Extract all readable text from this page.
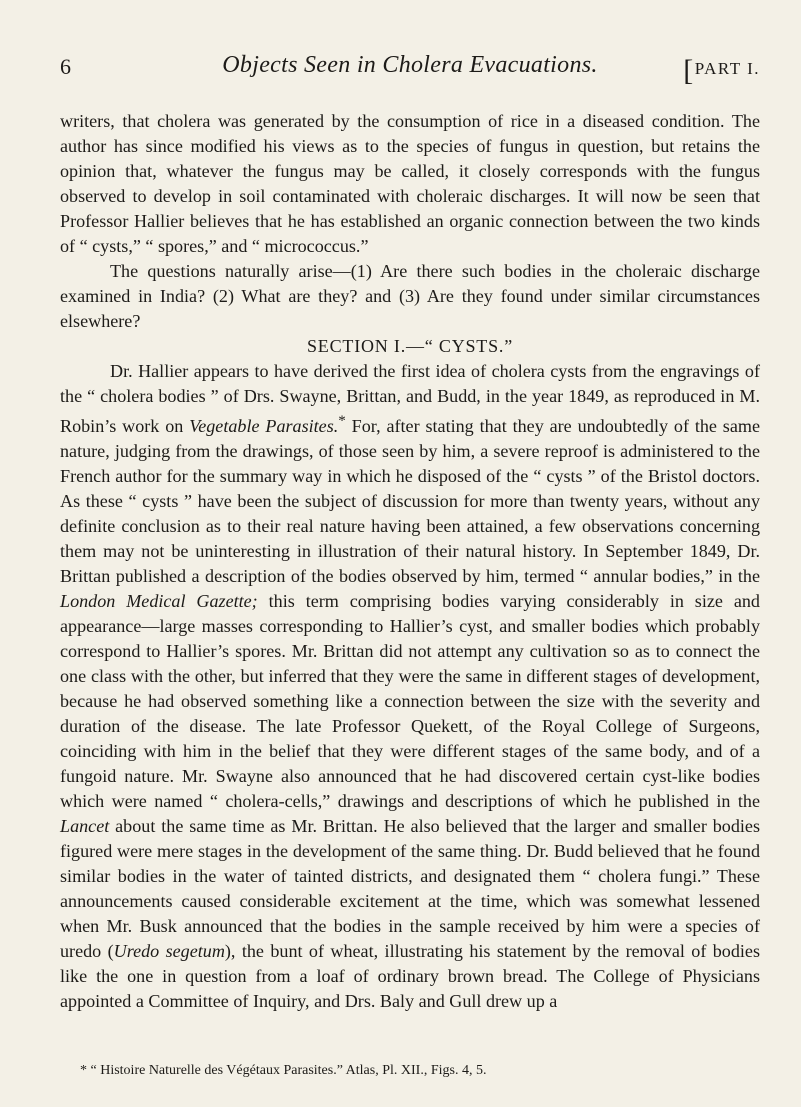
6	Objects Seen in Cholera Evacuations.	[PART I.

writers, that cholera was generated by the consumption of rice in a diseased condition. The author has since modified his views as to the species of fungus in question, but retains the opinion that, whatever the fungus may be called, it closely corresponds with the fungus observed to develop in soil contaminated with choleraic discharges. It will now be seen that Professor Hallier believes that he has established an organic connection between the two kinds of “ cysts,” “ spores,” and “ micrococcus.”

The questions naturally arise—(1) Are there such bodies in the choleraic discharge examined in India? (2) What are they? and (3) Are they found under similar circumstances elsewhere?

SECTION I.—“ CYSTS.”

Dr. Hallier appears to have derived the first idea of cholera cysts from the engravings of the “ cholera bodies ” of Drs. Swayne, Brittan, and Budd, in the year 1849, as reproduced in M. Robin’s work on Vegetable Parasites.* For, after stating that they are undoubtedly of the same nature, judging from the drawings, of those seen by him, a severe reproof is administered to the French author for the summary way in which he disposed of the “ cysts ” of the Bristol doctors. As these “ cysts ” have been the subject of discussion for more than twenty years, without any definite conclusion as to their real nature having been attained, a few observations concerning them may not be uninteresting in illustration of their natural history. In September 1849, Dr. Brittan published a description of the bodies observed by him, termed “ annular bodies,” in the London Medical Gazette; this term comprising bodies varying considerably in size and appearance—large masses corresponding to Hallier’s cyst, and smaller bodies which probably correspond to Hallier’s spores. Mr. Brittan did not attempt any cultivation so as to connect the one class with the other, but inferred that they were the same in different stages of development, because he had observed something like a connection between the size with the severity and duration of the disease. The late Professor Quekett, of the Royal College of Surgeons, coinciding with him in the belief that they were different stages of the same body, and of a fungoid nature. Mr. Swayne also announced that he had discovered certain cyst-like bodies which were named “ cholera-cells,” drawings and descriptions of which he published in the Lancet about the same time as Mr. Brittan. He also believed that the larger and smaller bodies figured were mere stages in the development of the same thing. Dr. Budd believed that he found similar bodies in the water of tainted districts, and designated them “ cholera fungi.” These announcements caused considerable excitement at the time, which was somewhat lessened when Mr. Busk announced that the bodies in the sample received by him were a species of uredo (Uredo segetum), the bunt of wheat, illustrating his statement by the removal of bodies like the one in question from a loaf of ordinary brown bread. The College of Physicians appointed a Committee of Inquiry, and Drs. Baly and Gull drew up a

* “ Histoire Naturelle des Végétaux Parasites.” Atlas, Pl. XII., Figs. 4, 5.
